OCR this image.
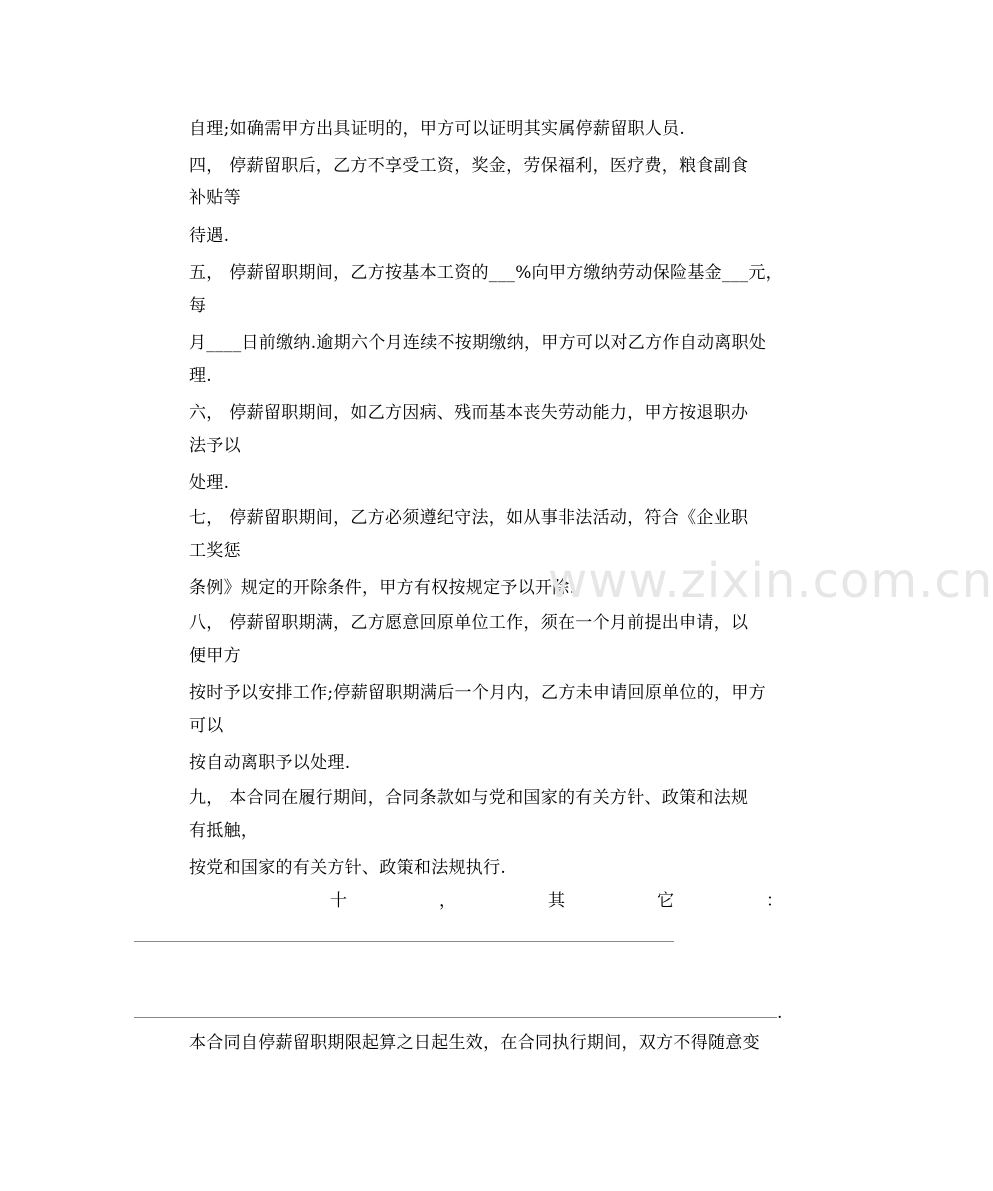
自理;如确需甲方出具证明的，甲方可以证明其实属停薪留职人员.
四， 停薪留职后，乙方不享受工资，奖金，劳保福利，医疗费，粮食副食
补贴等
待遇.
五， 停薪留职期间，乙方按基本工资的___%向甲方缴纳劳动保险基金___元，
每
月____日前缴纳.逾期六个月连续不按期缴纳，甲方可以对乙方作自动离职处
理.
六， 停薪留职期间，如乙方因病、残而基本丧失劳动能力，甲方按退职办
法予以
处理.
七， 停薪留职期间，乙方必须遵纪守法，如从事非法活动，符合《企业职
工奖惩
条例》规定的开除条件，甲方有权按规定予以开除.
八， 停薪留职期满，乙方愿意回原单位工作，须在一个月前提出申请，以
便甲方
按时予以安排工作;停薪留职期满后一个月内，乙方未申请回原单位的，甲方
可以
按自动离职予以处理.
九， 本合同在履行期间，合同条款如与党和国家的有关方针、政策和法规
有抵触，
按党和国家的有关方针、政策和法规执行.
十	，	其	它	：
.
本合同自停薪留职期限起算之日起生效，在合同执行期间，双方不得随意变
www.zixin.com.cn
